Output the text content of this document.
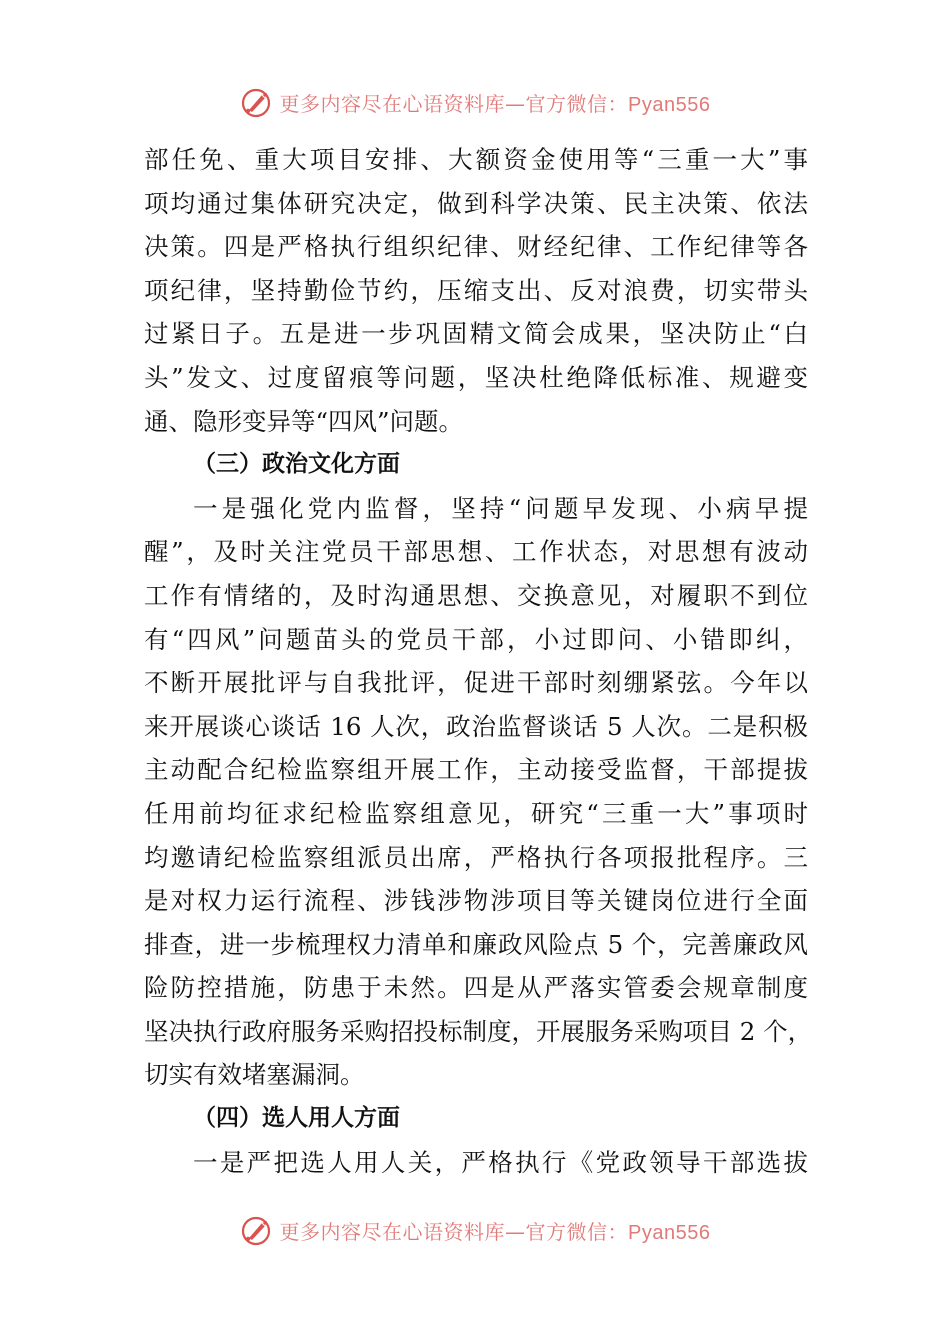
更多内容尽在心语资料库—官方微信：Pyan556
部任免、重大项目安排、大额资金使用等“三重一大”事
项均通过集体研究决定，做到科学决策、民主决策、依法
决策。四是严格执行组织纪律、财经纪律、工作纪律等各
项纪律，坚持勤俭节约，压缩支出、反对浪费，切实带头
过紧日子。五是进一步巩固精文简会成果，坚决防止“白
头”发文、过度留痕等问题，坚决杜绝降低标准、规避变
通、隐形变异等“四风”问题。
（三）政治文化方面
一是强化党内监督，坚持“问题早发现、小病早提
醒”，及时关注党员干部思想、工作状态，对思想有波动
工作有情绪的，及时沟通思想、交换意见，对履职不到位
有“四风”问题苗头的党员干部，小过即问、小错即纠，
不断开展批评与自我批评，促进干部时刻绷紧弦。今年以
来开展谈心谈话 16 人次，政治监督谈话 5 人次。二是积极
主动配合纪检监察组开展工作，主动接受监督，干部提拔
任用前均征求纪检监察组意见，研究“三重一大”事项时
均邀请纪检监察组派员出席，严格执行各项报批程序。三
是对权力运行流程、涉钱涉物涉项目等关键岗位进行全面
排查，进一步梳理权力清单和廉政风险点 5 个，完善廉政风
险防控措施，防患于未然。四是从严落实管委会规章制度
坚决执行政府服务采购招投标制度，开展服务采购项目 2 个，
切实有效堵塞漏洞。
（四）选人用人方面
一是严把选人用人关，严格执行《党政领导干部选拔
更多内容尽在心语资料库—官方微信：Pyan556
